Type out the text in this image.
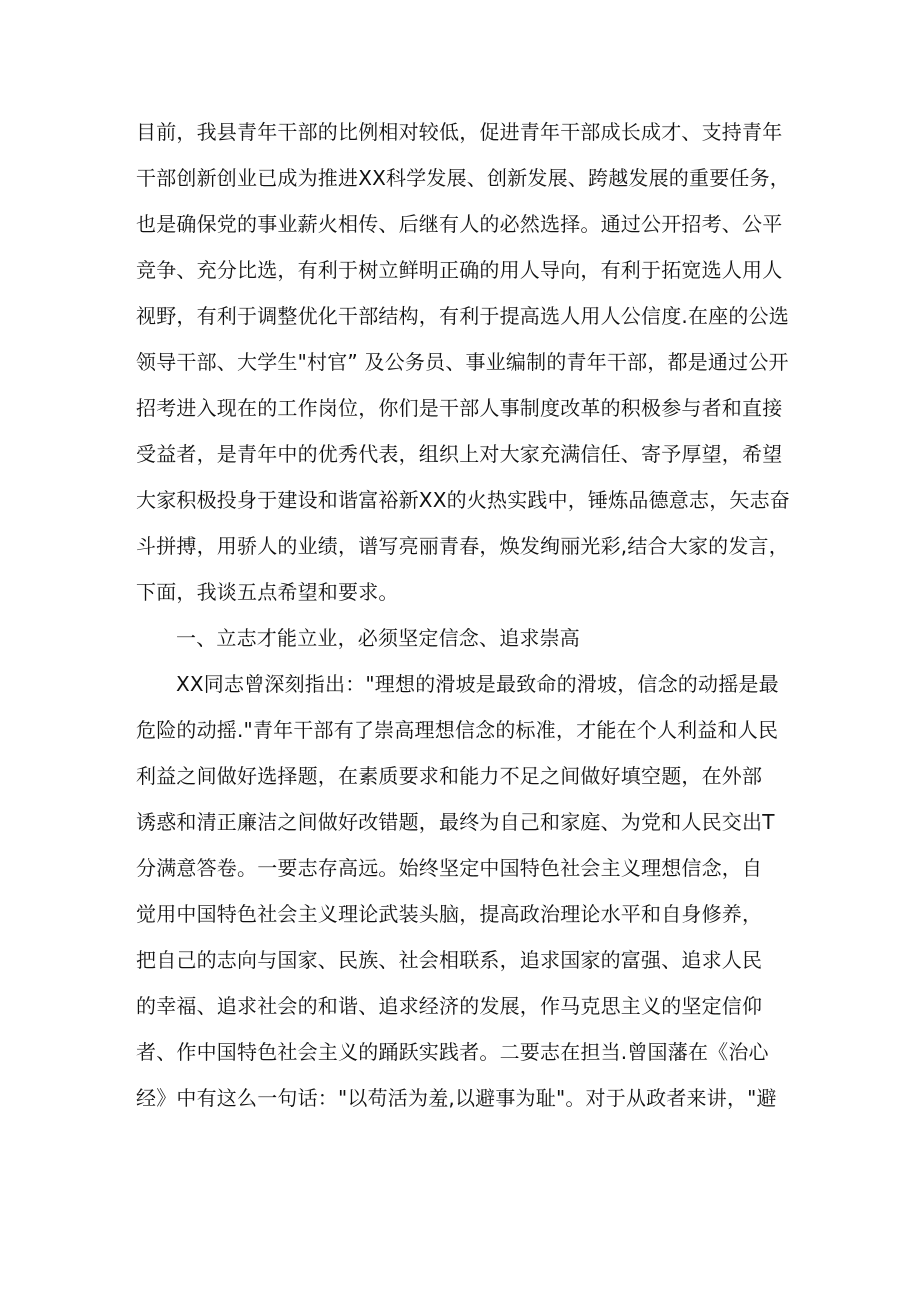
目前，我县青年干部的比例相对较低，促进青年干部成长成才、支持青年
干部创新创业已成为推进XX科学发展、创新发展、跨越发展的重要任务，
也是确保党的事业薪火相传、后继有人的必然选择。通过公开招考、公平
竞争、充分比选，有利于树立鲜明正确的用人导向，有利于拓宽选人用人
视野，有利于调整优化干部结构，有利于提高选人用人公信度.在座的公选
领导干部、大学生"村官” 及公务员、事业编制的青年干部，都是通过公开
招考进入现在的工作岗位，你们是干部人事制度改革的积极参与者和直接
受益者，是青年中的优秀代表，组织上对大家充满信任、寄予厚望，希望
大家积极投身于建设和谐富裕新XX的火热实践中，锤炼品德意志，矢志奋
斗拼搏，用骄人的业绩，谱写亮丽青春，焕发绚丽光彩,结合大家的发言，
下面，我谈五点希望和要求。
一、立志才能立业，必须坚定信念、追求崇高
XX同志曾深刻指出："理想的滑坡是最致命的滑坡，信念的动摇是最
危险的动摇."青年干部有了崇高理想信念的标准，才能在个人利益和人民
利益之间做好选择题，在素质要求和能力不足之间做好填空题，在外部
诱惑和清正廉洁之间做好改错题，最终为自己和家庭、为党和人民交出T
分满意答卷。一要志存高远。始终坚定中国特色社会主义理想信念，自
觉用中国特色社会主义理论武装头脑，提高政治理论水平和自身修养，
把自己的志向与国家、民族、社会相联系，追求国家的富强、追求人民
的幸福、追求社会的和谐、追求经济的发展，作马克思主义的坚定信仰
者、作中国特色社会主义的踊跃实践者。二要志在担当.曾国藩在《治心
经》中有这么一句话："以苟活为羞,以避事为耻"。对于从政者来讲，"避
